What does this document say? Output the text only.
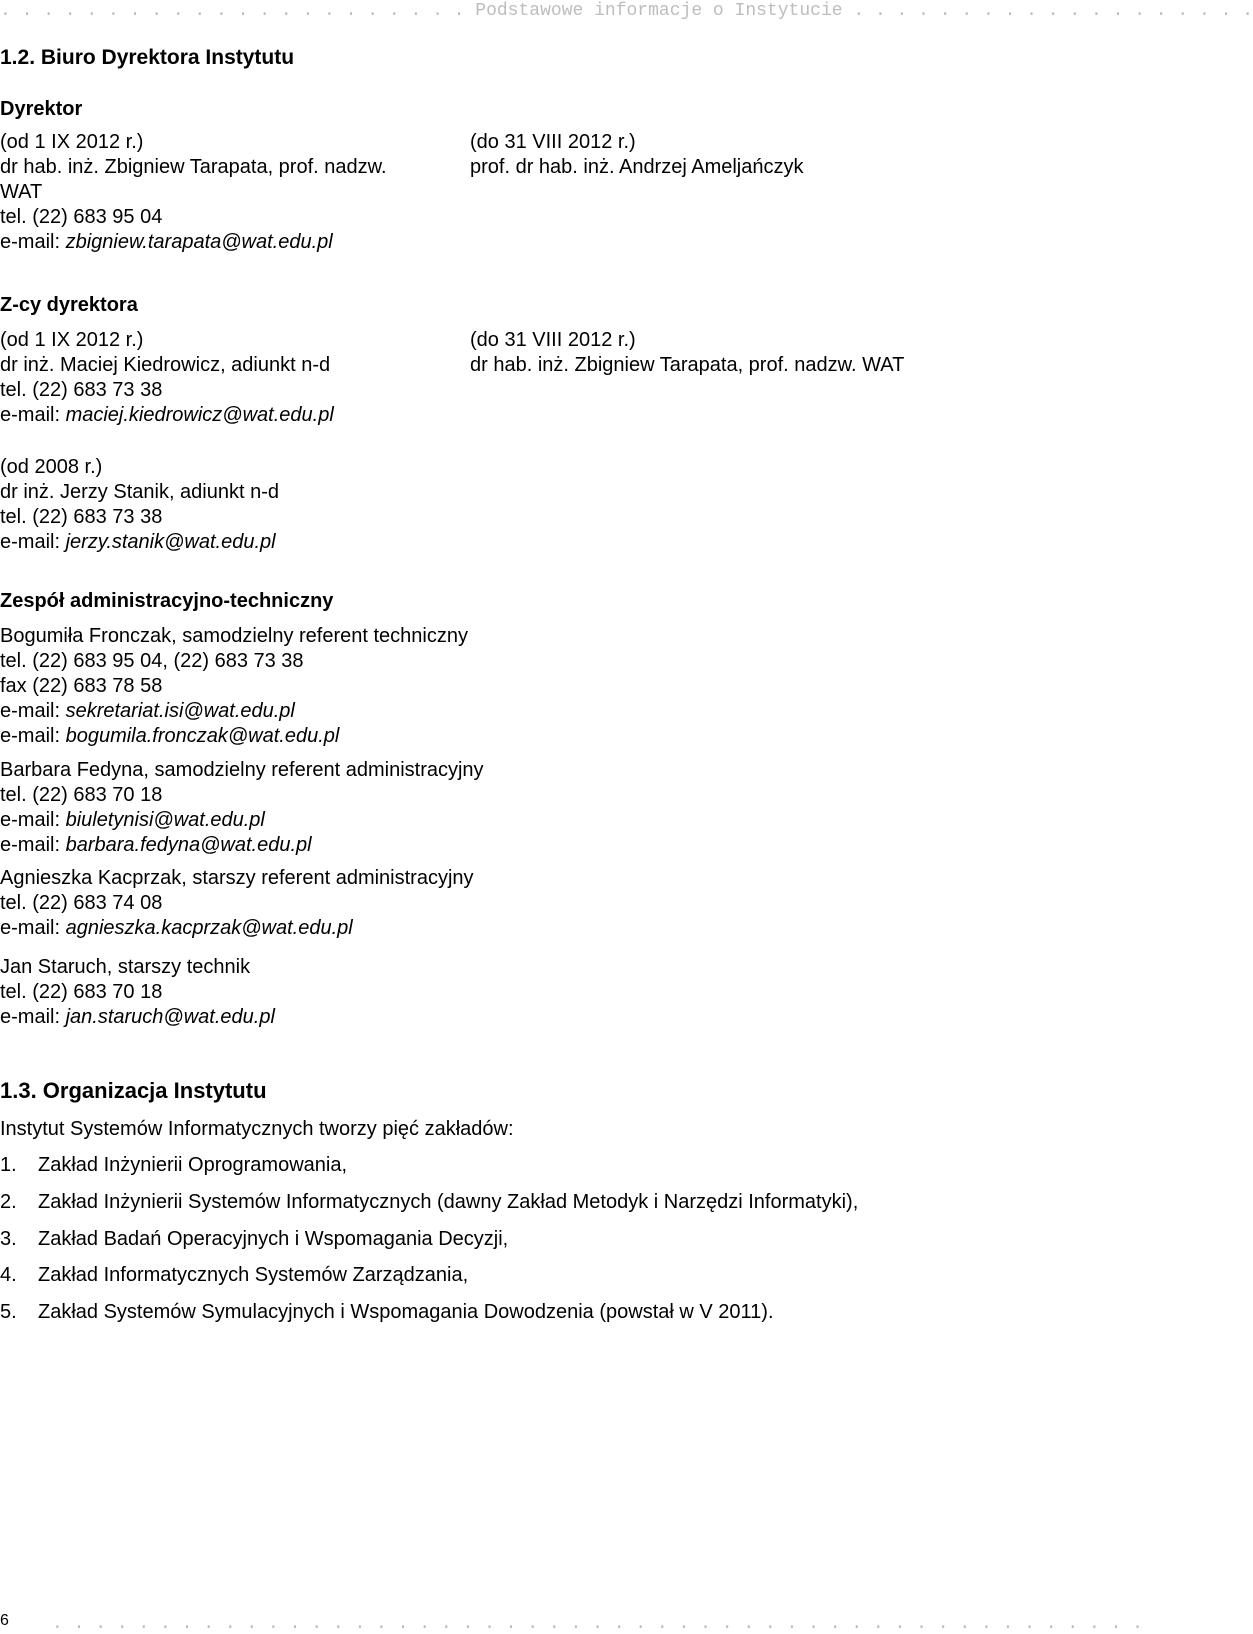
. . . . . . . . . . . . . . . . . . . . . . Podstawowe informacje o Instytucie . . . . . . . . . . . . . . . . . . .
1.2. Biuro Dyrektora Instytutu
Dyrektor
(od 1 IX 2012 r.)
dr hab. inż. Zbigniew Tarapata, prof. nadzw.
WAT
tel. (22) 683 95 04
e-mail: zbigniew.tarapata@wat.edu.pl
(do 31 VIII 2012 r.)
prof. dr hab. inż. Andrzej Ameljańczyk
Z-cy dyrektora
(od 1 IX 2012 r.)
dr inż. Maciej Kiedrowicz, adiunkt n-d
tel. (22) 683 73 38
e-mail: maciej.kiedrowicz@wat.edu.pl
(do 31 VIII 2012 r.)
dr hab. inż. Zbigniew Tarapata, prof. nadzw. WAT
(od 2008 r.)
dr inż. Jerzy Stanik, adiunkt n-d
tel. (22) 683 73 38
e-mail: jerzy.stanik@wat.edu.pl
Zespół administracyjno-techniczny
Bogumiła Fronczak, samodzielny referent techniczny
tel. (22) 683 95 04, (22) 683 73 38
fax (22) 683 78 58
e-mail: sekretariat.isi@wat.edu.pl
e-mail: bogumila.fronczak@wat.edu.pl
Barbara Fedyna, samodzielny referent administracyjny
tel. (22) 683 70 18
e-mail: biuletynisi@wat.edu.pl
e-mail: barbara.fedyna@wat.edu.pl
Agnieszka Kacprzak, starszy referent administracyjny
tel. (22) 683 74 08
e-mail: agnieszka.kacprzak@wat.edu.pl
Jan Staruch, starszy technik
tel. (22) 683 70 18
e-mail: jan.staruch@wat.edu.pl
1.3. Organizacja Instytutu
Instytut Systemów Informatycznych tworzy pięć zakładów:
1. Zakład Inżynierii Oprogramowania,
2. Zakład Inżynierii Systemów Informatycznych (dawny Zakład Metodyk i Narzędzi Informatyki),
3. Zakład Badań Operacyjnych i Wspomagania Decyzji,
4. Zakład Informatycznych Systemów Zarządzania,
5. Zakład Systemów Symulacyjnych i Wspomagania Dowodzenia (powstał w V 2011).
6 . . . . . . . . . . . . . . . . . . . . . . . . . . . . . . . . . . . . . . . . . . . . . . . . . . .
